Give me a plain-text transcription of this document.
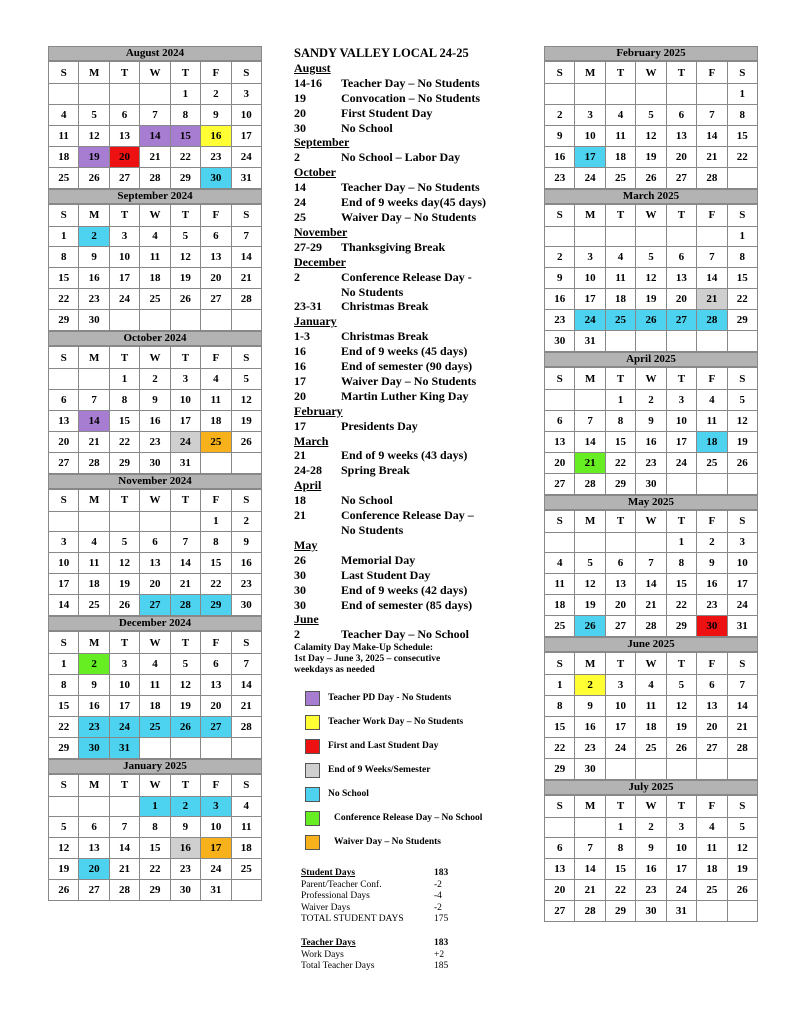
August 2024
S	M	T	W	T	F	S
				1	2	3
4	5	6	7	8	9	10
11	12	13	14	15	16	17
18	19	20	21	22	23	24
25	26	27	28	29	30	31
September 2024
S	M	T	W	T	F	S
1	2	3	4	5	6	7
8	9	10	11	12	13	14
15	16	17	18	19	20	21
22	23	24	25	26	27	28
29	30					
October 2024
S	M	T	W	T	F	S
		1	2	3	4	5
6	7	8	9	10	11	12
13	14	15	16	17	18	19
20	21	22	23	24	25	26
27	28	29	30	31		
November 2024
S	M	T	W	T	F	S
					1	2
3	4	5	6	7	8	9
10	11	12	13	14	15	16
17	18	19	20	21	22	23
14	25	26	27	28	29	30
December 2024
S	M	T	W	T	F	S
1	2	3	4	5	6	7
8	9	10	11	12	13	14
15	16	17	18	19	20	21
22	23	24	25	26	27	28
29	30	31				
January 2025
S	M	T	W	T	F	S
			1	2	3	4
5	6	7	8	9	10	11
12	13	14	15	16	17	18
19	20	21	22	23	24	25
26	27	28	29	30	31	
February 2025
S	M	T	W	T	F	S
						1
2	3	4	5	6	7	8
9	10	11	12	13	14	15
16	17	18	19	20	21	22
23	24	25	26	27	28	
March 2025
S	M	T	W	T	F	S
						1
2	3	4	5	6	7	8
9	10	11	12	13	14	15
16	17	18	19	20	21	22
23	24	25	26	27	28	29
30	31					
April 2025
S	M	T	W	T	F	S
		1	2	3	4	5
6	7	8	9	10	11	12
13	14	15	16	17	18	19
20	21	22	23	24	25	26
27	28	29	30			
May 2025
S	M	T	W	T	F	S
				1	2	3
4	5	6	7	8	9	10
11	12	13	14	15	16	17
18	19	20	21	22	23	24
25	26	27	28	29	30	31
June 2025
S	M	T	W	T	F	S
1	2	3	4	5	6	7
8	9	10	11	12	13	14
15	16	17	18	19	20	21
22	23	24	25	26	27	28
29	30					
July 2025
S	M	T	W	T	F	S
		1	2	3	4	5
6	7	8	9	10	11	12
13	14	15	16	17	18	19
20	21	22	23	24	25	26
27	28	29	30	31		
SANDY VALLEY LOCAL 24-25
August
14-16	Teacher Day – No Students
19	Convocation – No Students
20	First Student Day
30	No School
September
2	No School – Labor Day
October
14	Teacher Day – No Students
24	End of 9 weeks day(45 days)
25	Waiver Day – No Students
November
27-29	Thanksgiving Break
December
2	Conference Release Day -
No Students
23-31	Christmas Break
January
1-3	Christmas Break
16	End of 9 weeks (45 days)
16	End of semester (90 days)
17	Waiver Day – No Students
20	Martin Luther King Day
February
17	Presidents Day
March
21	End of 9 weeks (43 days)
24-28	Spring Break
April
18	No School
21	Conference Release Day –
No Students
May
26	Memorial Day
30	Last Student Day
30	End of 9 weeks (42 days)
30	End of semester (85 days)
June
2	Teacher Day – No School
Calamity Day Make-Up Schedule:
1st Day – June 3, 2025 – consecutive
weekdays as needed
Teacher PD Day - No Students
Teacher Work Day – No Students
First and Last Student Day
End of 9 Weeks/Semester
No School
Conference Release Day – No School
Waiver Day – No Students
Student Days	183
Parent/Teacher Conf.	-2
Professional Days	-4
Waiver Days	-2
TOTAL STUDENT DAYS	175
Teacher Days	183
Work Days	+2
Total Teacher Days	185
